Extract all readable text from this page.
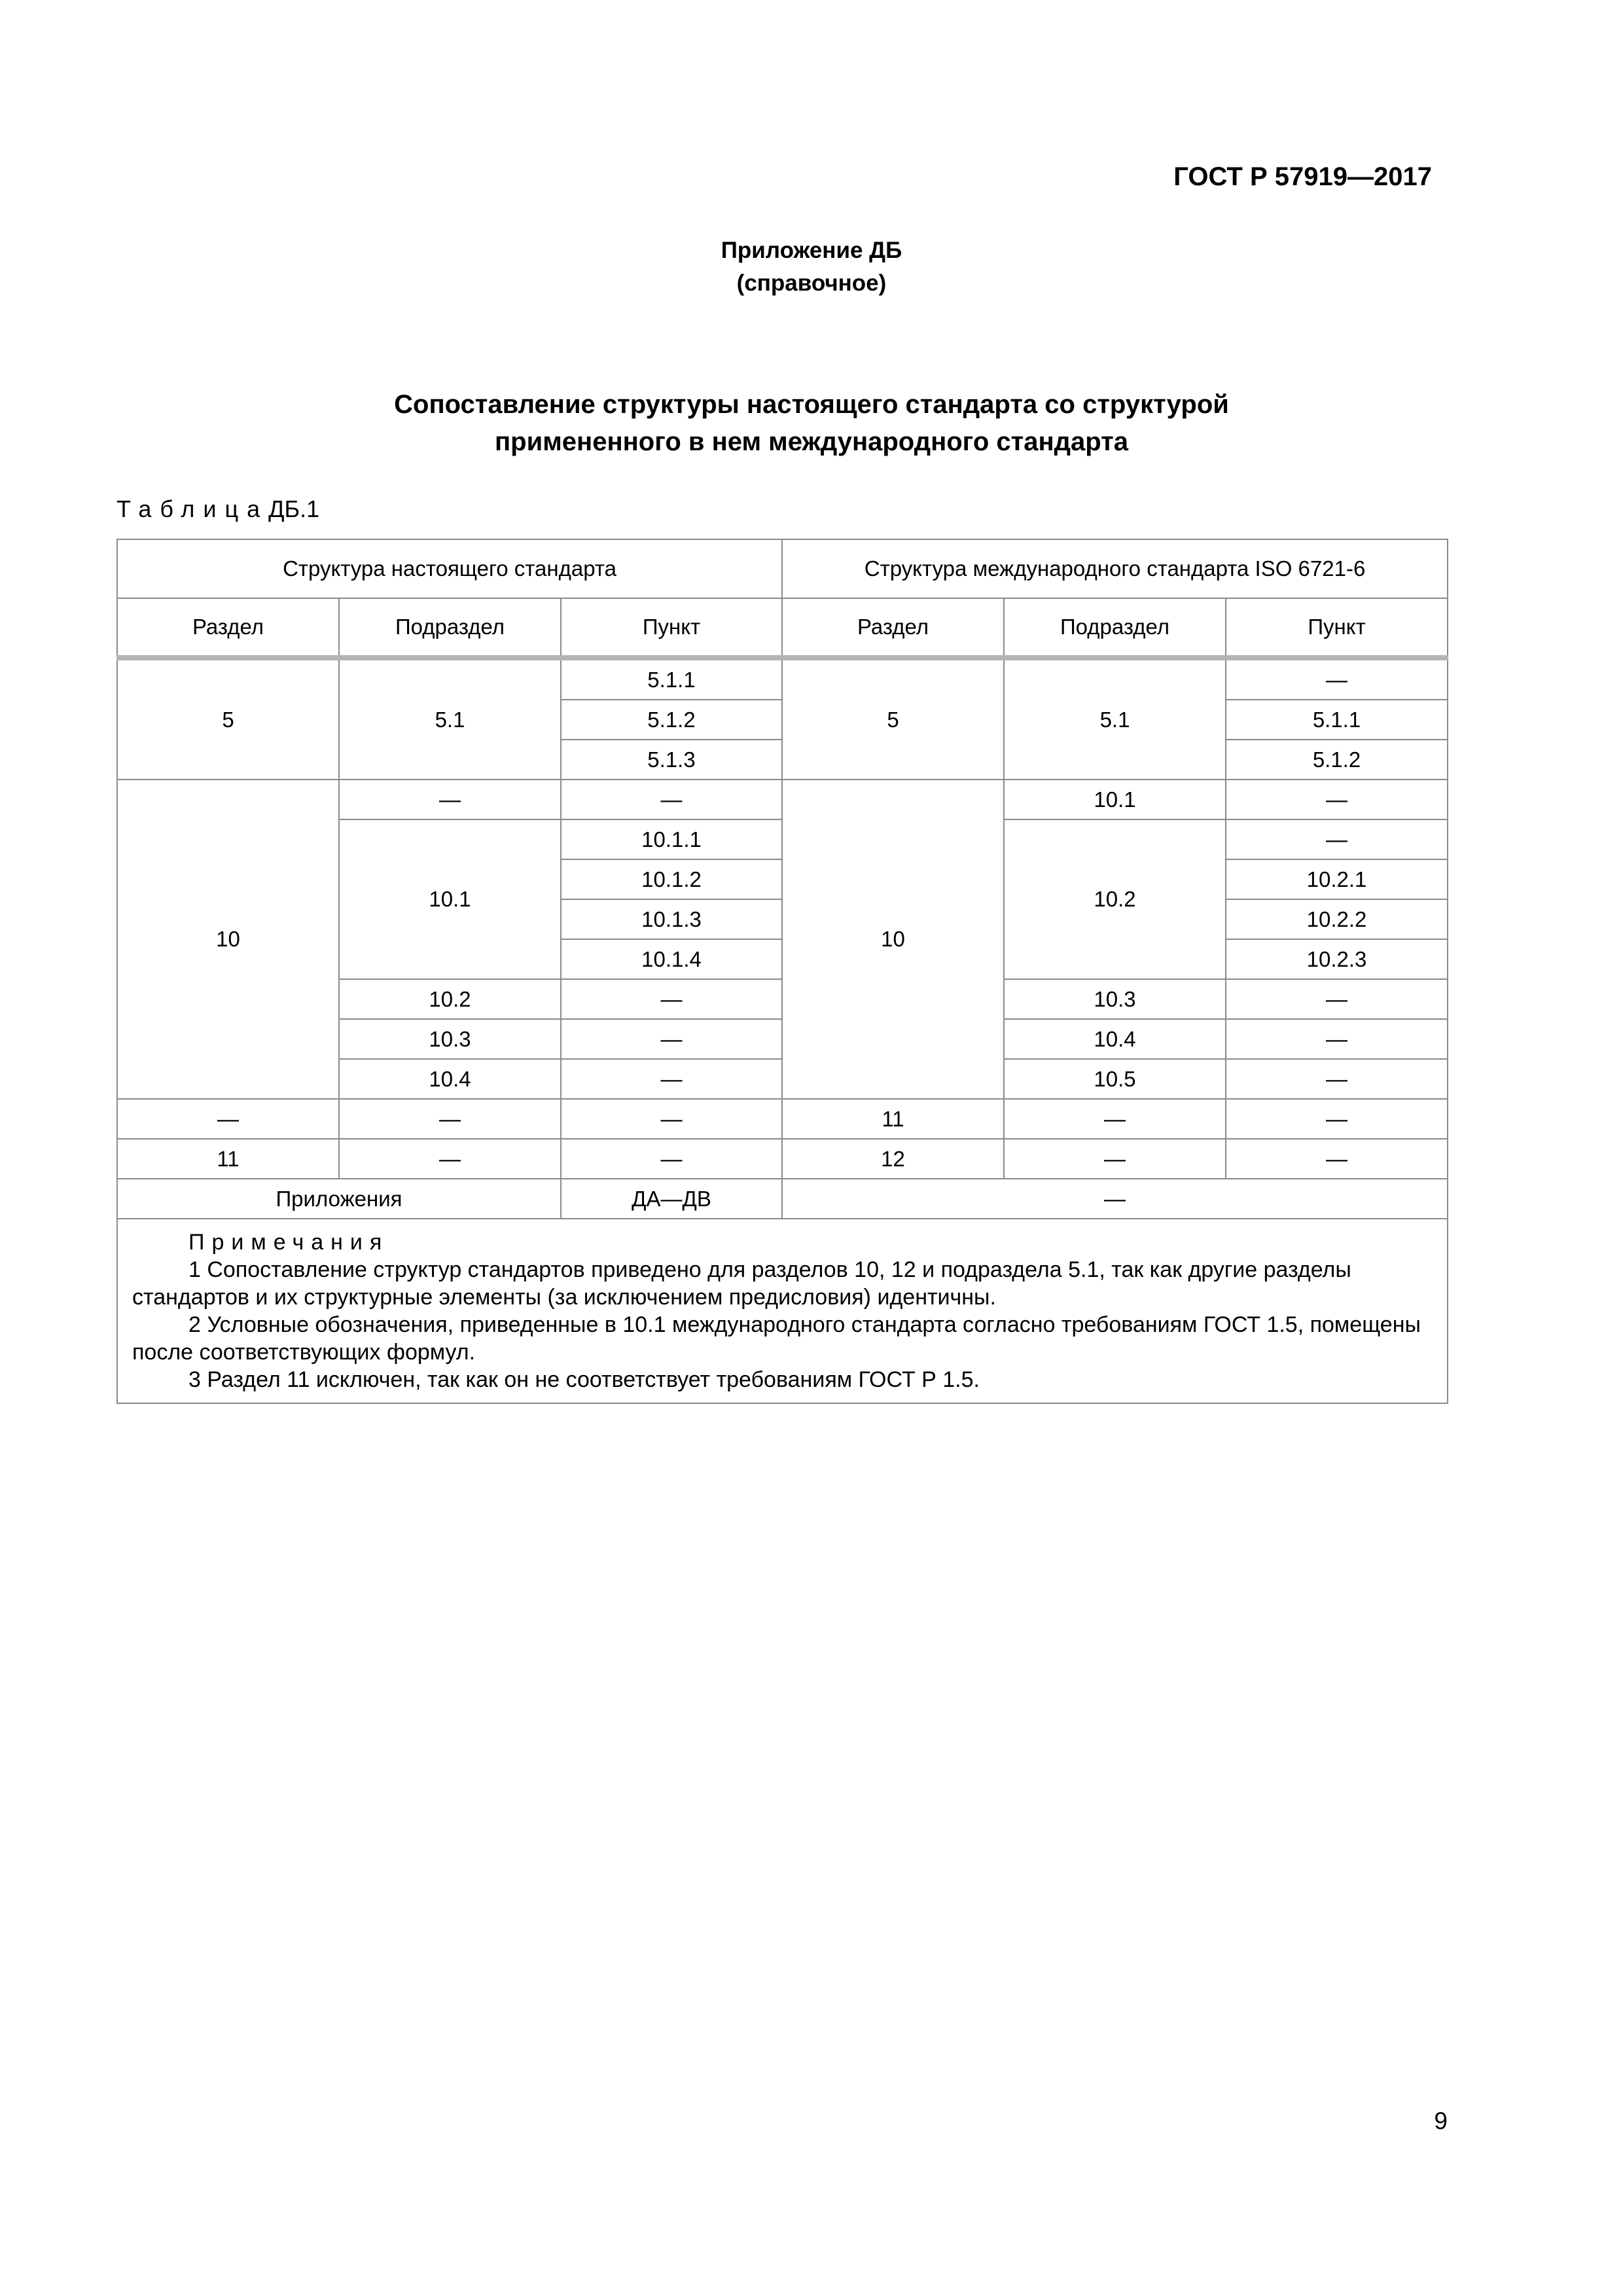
ГОСТ Р 57919—2017
Приложение ДБ
(справочное)
Сопоставление структуры настоящего стандарта со структурой
примененного в нем международного стандарта
ТаблицаДБ.1
Структура настоящего стандарта			Структура международного стандарта ISO 6721-6		
Раздел	Подраздел	Пункт	Раздел	Подраздел	Пункт
5	5.1	5.1.1	5	5.1	—
		5.1.2			5.1.1
		5.1.3			5.1.2
10	—	—	10	10.1	—
	10.1	10.1.1		10.2	—
		10.1.2			10.2.1
		10.1.3			10.2.2
		10.1.4			10.2.3
	10.2	—		10.3	—
	10.3	—		10.4	—
	10.4	—		10.5	—
—	—	—	11	—	—
11	—	—	12	—	—
Приложения		ДА—ДВ	—		

Примечания

1 Сопоставление структур стандартов приведено для разделов 10, 12 и подраздела 5.1, так как другие разделы стандартов и их структурные элементы (за исключением предисловия) идентичны.

2 Условные обозначения, приведенные в 10.1 международного стандарта согласно требованиям ГОСТ 1.5, помещены после соответствующих формул.

3 Раздел 11 исключен, так как он не соответствует требованиям ГОСТ Р 1.5.					

9
